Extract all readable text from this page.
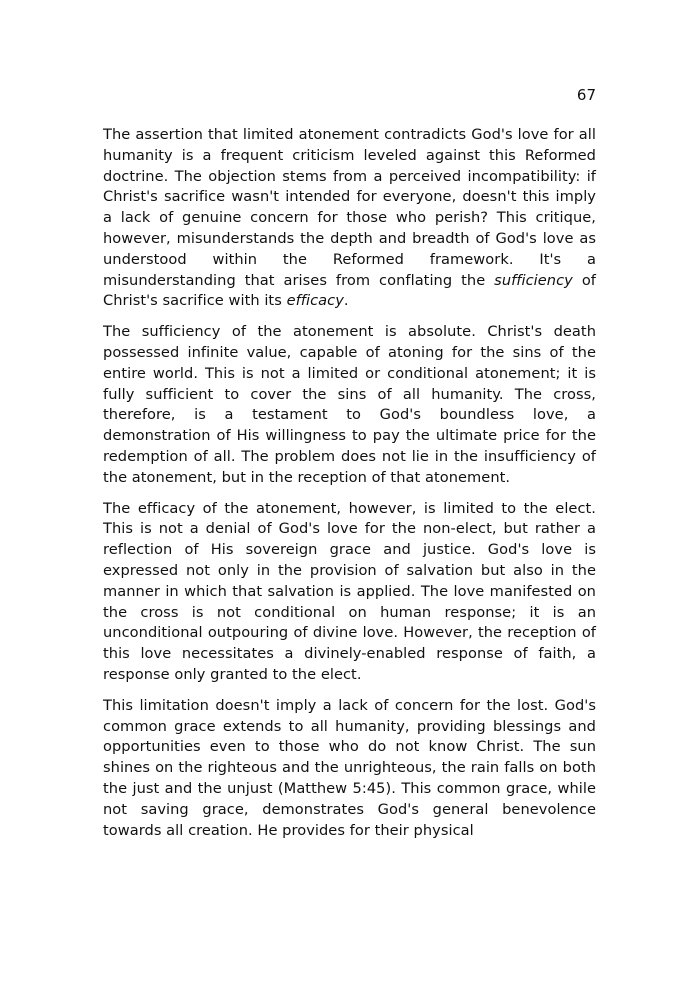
67

The assertion that limited atonement contradicts God's love for all humanity is a frequent criticism leveled against this Reformed doctrine. The objection stems from a perceived incompatibility: if Christ's sacrifice wasn't intended for everyone, doesn't this imply a lack of genuine concern for those who perish? This critique, however, misunderstands the depth and breadth of God's love as understood within the Reformed framework. It's a misunderstanding that arises from conflating the sufficiency of Christ's sacrifice with its efficacy.

The sufficiency of the atonement is absolute. Christ's death possessed infinite value, capable of atoning for the sins of the entire world. This is not a limited or conditional atonement; it is fully sufficient to cover the sins of all humanity. The cross, therefore, is a testament to God's boundless love, a demonstration of His willingness to pay the ultimate price for the redemption of all. The problem does not lie in the insufficiency of the atonement, but in the reception of that atonement.

The efficacy of the atonement, however, is limited to the elect. This is not a denial of God's love for the non-elect, but rather a reflection of His sovereign grace and justice. God's love is expressed not only in the provision of salvation but also in the manner in which that salvation is applied. The love manifested on the cross is not conditional on human response; it is an unconditional outpouring of divine love. However, the reception of this love necessitates a divinely-enabled response of faith, a response only granted to the elect.

This limitation doesn't imply a lack of concern for the lost. God's common grace extends to all humanity, providing blessings and opportunities even to those who do not know Christ. The sun shines on the righteous and the unrighteous, the rain falls on both the just and the unjust (Matthew 5:45). This common grace, while not saving grace, demonstrates God's general benevolence towards all creation. He provides for their physical
